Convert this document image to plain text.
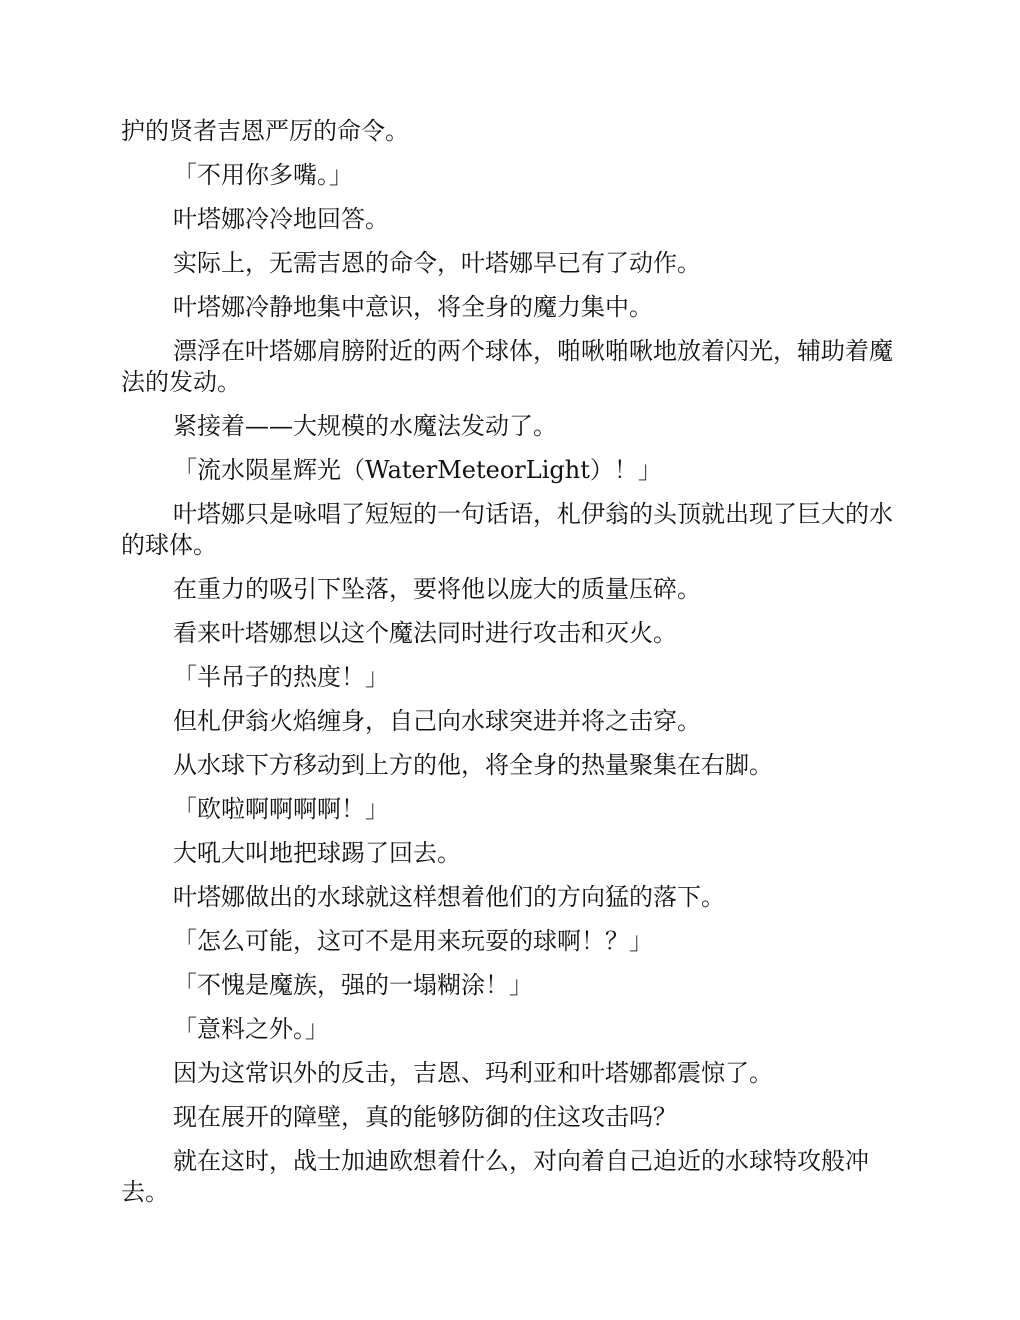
护的贤者吉恩严厉的命令。

「不用你多嘴。」

叶塔娜冷冷地回答。

实际上，无需吉恩的命令，叶塔娜早已有了动作。

叶塔娜冷静地集中意识，将全身的魔力集中。

漂浮在叶塔娜肩膀附近的两个球体，啪啾啪啾地放着闪光，辅助着魔法的发动。

紧接着——大规模的水魔法发动了。

「流水陨星辉光（WaterMeteorLight）！」

叶塔娜只是咏唱了短短的一句话语，札伊翁的头顶就出现了巨大的水的球体。

在重力的吸引下坠落，要将他以庞大的质量压碎。

看来叶塔娜想以这个魔法同时进行攻击和灭火。

「半吊子的热度！」

但札伊翁火焰缠身，自己向水球突进并将之击穿。

从水球下方移动到上方的他，将全身的热量聚集在右脚。

「欧啦啊啊啊啊！」

大吼大叫地把球踢了回去。

叶塔娜做出的水球就这样想着他们的方向猛的落下。

「怎么可能，这可不是用来玩耍的球啊！？」

「不愧是魔族，强的一塌糊涂！」

「意料之外。」

因为这常识外的反击，吉恩、玛利亚和叶塔娜都震惊了。

现在展开的障壁，真的能够防御的住这攻击吗？

就在这时，战士加迪欧想着什么，对向着自己迫近的水球特攻般冲去。
